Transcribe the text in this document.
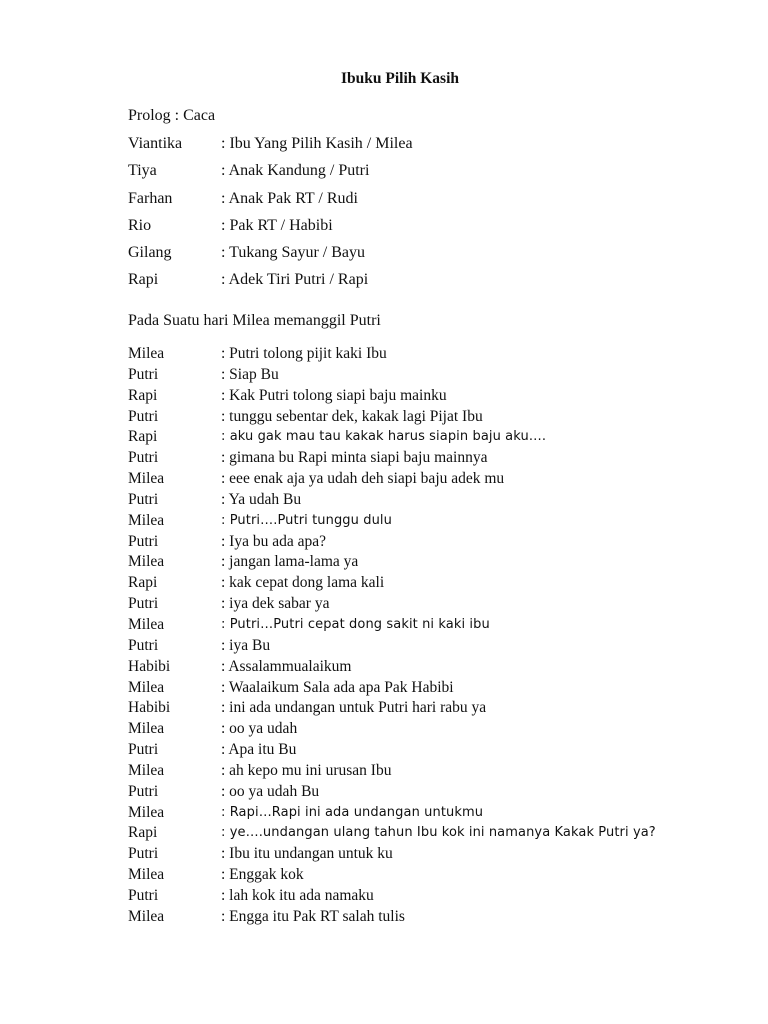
Ibuku Pilih Kasih
Prolog : Caca
Viantika : Ibu Yang Pilih Kasih / Milea
Tiya	: Anak Kandung / Putri
Farhan	: Anak Pak RT / Rudi
Rio	: Pak RT / Habibi
Gilang	: Tukang Sayur / Bayu
Rapi	: Adek Tiri Putri / Rapi
Pada Suatu hari Milea memanggil Putri
Milea	: Putri tolong pijit kaki Ibu
Putri	: Siap Bu
Rapi	: Kak Putri tolong siapi baju mainku
Putri	: tunggu sebentar dek, kakak lagi Pijat Ibu
Rapi	: aku gak mau tau kakak harus siapin baju aku….
Putri	: gimana bu Rapi minta siapi baju mainnya
Milea	: eee enak aja ya udah deh siapi baju adek mu
Putri	: Ya udah Bu
Milea	: Putri….Putri tunggu dulu
Putri	: Iya bu ada apa?
Milea	: jangan lama-lama ya
Rapi	: kak cepat dong lama kali
Putri	: iya dek sabar ya
Milea	: Putri…Putri cepat dong sakit ni kaki ibu
Putri	: iya Bu
Habibi	: Assalammualaikum
Milea	: Waalaikum Sala ada apa Pak Habibi
Habibi	: ini ada undangan untuk Putri hari rabu ya
Milea	: oo ya udah
Putri	: Apa itu Bu
Milea	: ah kepo mu ini urusan Ibu
Putri	: oo ya udah Bu
Milea	: Rapi…Rapi ini ada undangan untukmu
Rapi	: ye….undangan ulang tahun Ibu kok ini namanya Kakak Putri ya?
Putri	: Ibu itu undangan untuk ku
Milea	: Enggak kok
Putri	: lah kok itu ada namaku
Milea	: Engga itu Pak RT salah tulis
